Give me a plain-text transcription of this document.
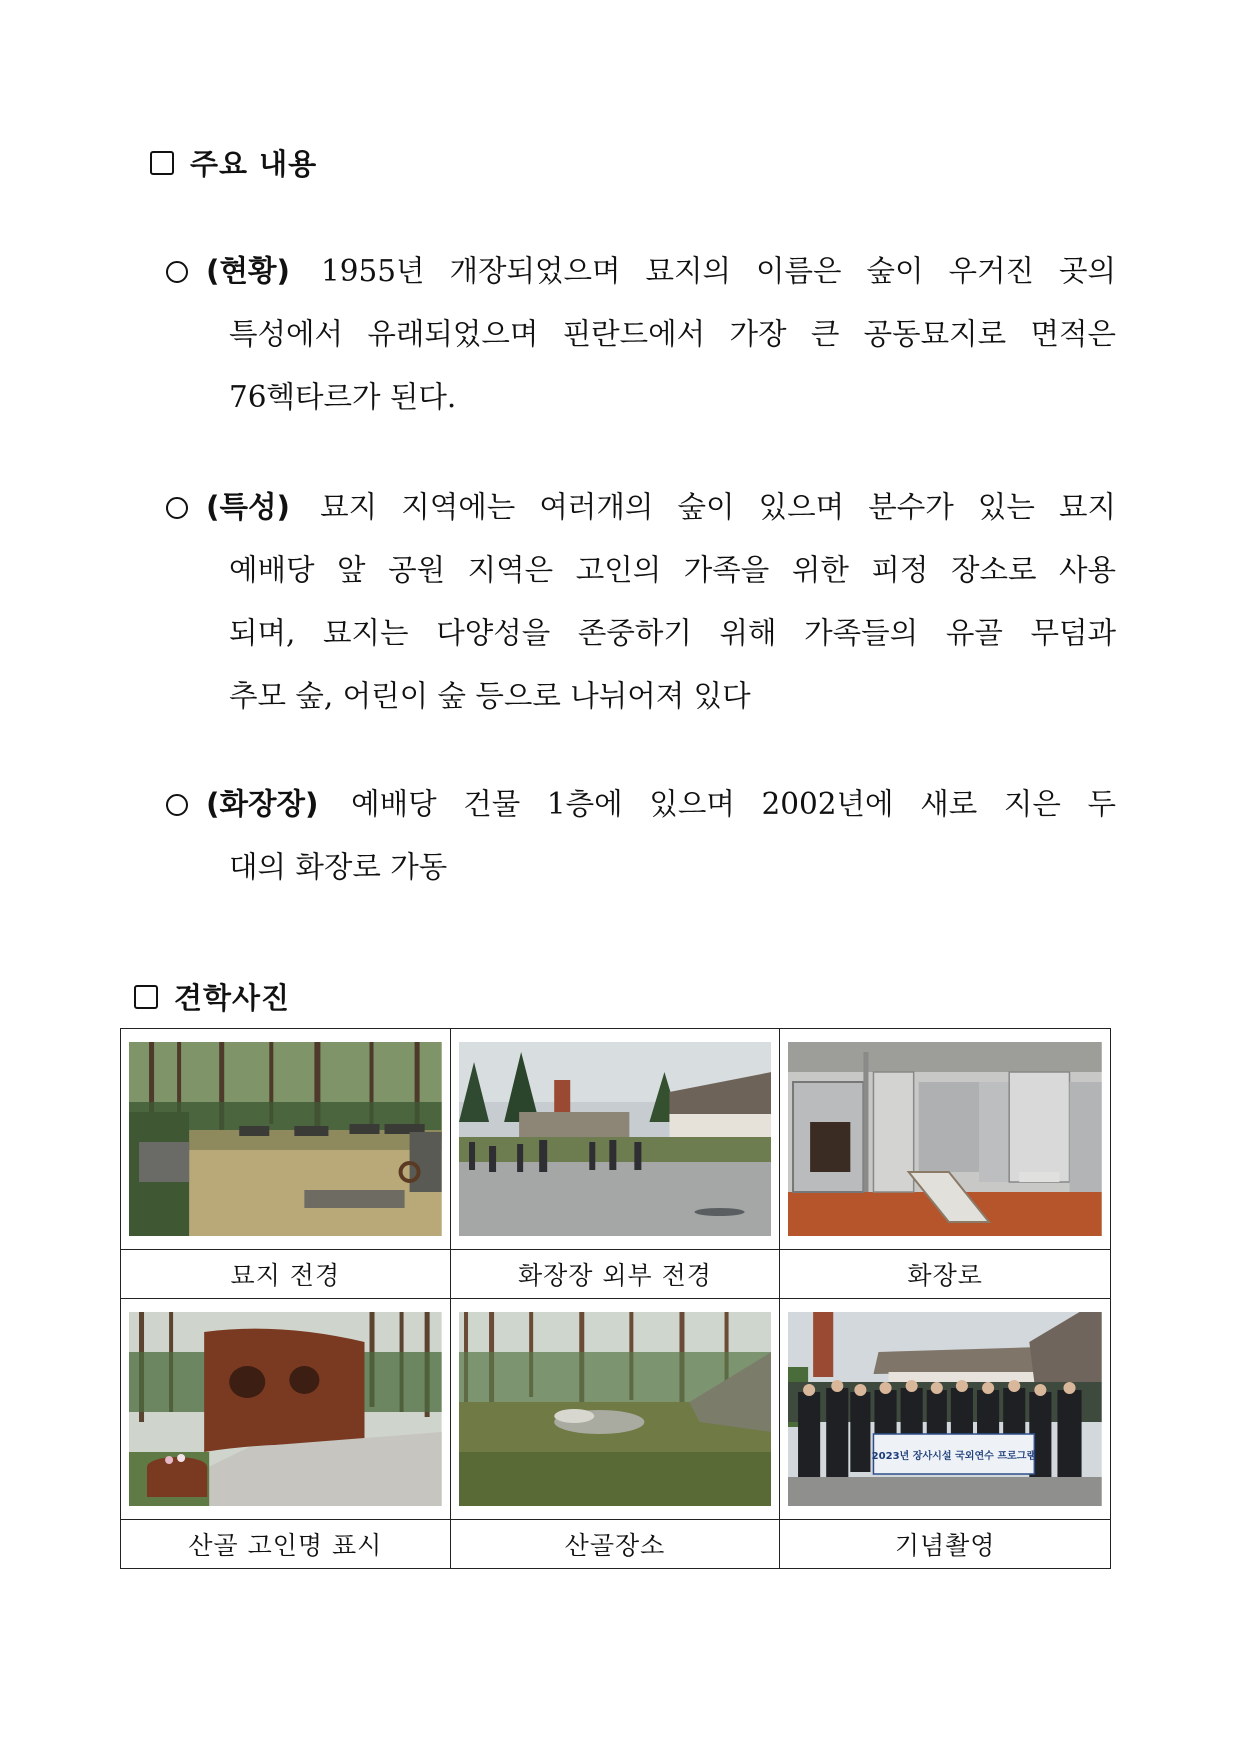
주요 내용
(현황) 1955년 개장되었으며 묘지의 이름은 숲이 우거진 곳의
특성에서 유래되었으며 핀란드에서 가장 큰 공동묘지로 면적은
76헥타르가 된다.
(특성) 묘지 지역에는 여러개의 숲이 있으며 분수가 있는 묘지
예배당 앞 공원 지역은 고인의 가족을 위한 피정 장소로 사용
되며, 묘지는 다양성을 존중하기 위해 가족들의 유골 무덤과
추모 숲, 어린이 숲 등으로 나뉘어져 있다
(화장장) 예배당 건물 1층에 있으며 2002년에 새로 지은 두
대의 화장로 가동
견학사진

묘지 전경	화장장 외부 전경	화장로

2023년 장사시설 국외연수 프로그램

산골 고인명 표시	산골장소	기념촬영
